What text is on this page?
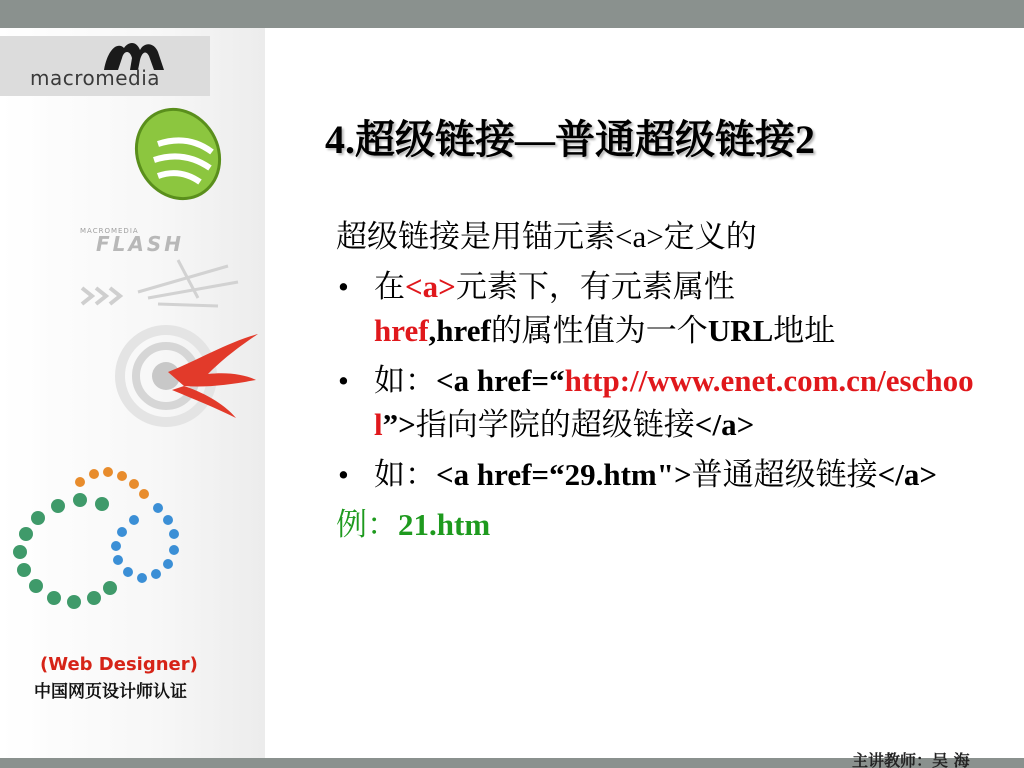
macromedia
MACROMEDIA
FLASH
(Web Designer)
中国网页设计师认证
4.超级链接—普通超级链接2
超级链接是用锚元素<a>定义的
• 在<a>元素下，有元素属性
href,href的属性值为一个URL地址
• 如：<a href=“http://www.enet.com.cn/eschool”>指向学院的超级链接</a>
• 如：<a href=“29.htm">普通超级链接</a>
例：21.htm
主讲教师：吴 海
